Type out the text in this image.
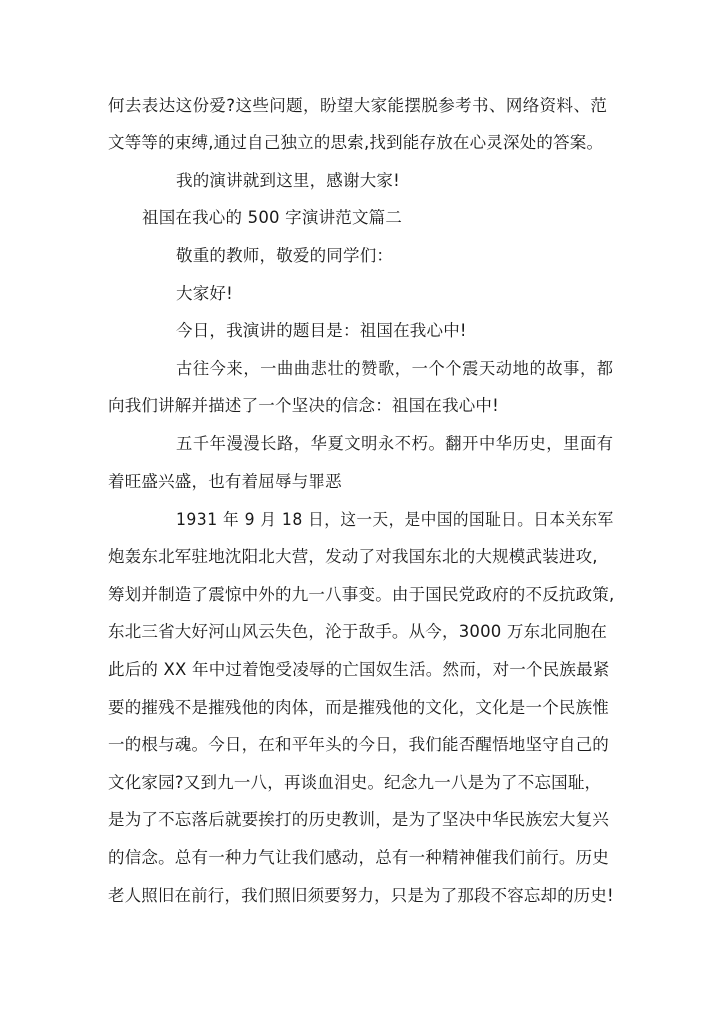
何去表达这份爱?这些问题，盼望大家能摆脱参考书、网络资料、范
文等等的束缚,通过自己独立的思索,找到能存放在心灵深处的答案。
我的演讲就到这里，感谢大家!
祖国在我心的 500 字演讲范文篇二
敬重的教师，敬爱的同学们：
大家好!
今日，我演讲的题目是：祖国在我心中!
古往今来，一曲曲悲壮的赞歌，一个个震天动地的故事，都
向我们讲解并描述了一个坚决的信念：祖国在我心中!
五千年漫漫长路，华夏文明永不朽。翻开中华历史，里面有
着旺盛兴盛，也有着屈辱与罪恶
1931 年 9 月 18 日，这一天，是中国的国耻日。日本关东军
炮轰东北军驻地沈阳北大营，发动了对我国东北的大规模武装进攻,
筹划并制造了震惊中外的九一八事变。由于国民党政府的不反抗政策,
东北三省大好河山风云失色，沦于敌手。从今，3000 万东北同胞在
此后的 XX 年中过着饱受凌辱的亡国奴生活。然而，对一个民族最紧
要的摧残不是摧残他的肉体，而是摧残他的文化，文化是一个民族惟
一的根与魂。今日，在和平年头的今日，我们能否醒悟地坚守自己的
文化家园?又到九一八，再谈血泪史。纪念九一八是为了不忘国耻，
是为了不忘落后就要挨打的历史教训，是为了坚决中华民族宏大复兴
的信念。总有一种力气让我们感动，总有一种精神催我们前行。历史
老人照旧在前行，我们照旧须要努力，只是为了那段不容忘却的历史!
